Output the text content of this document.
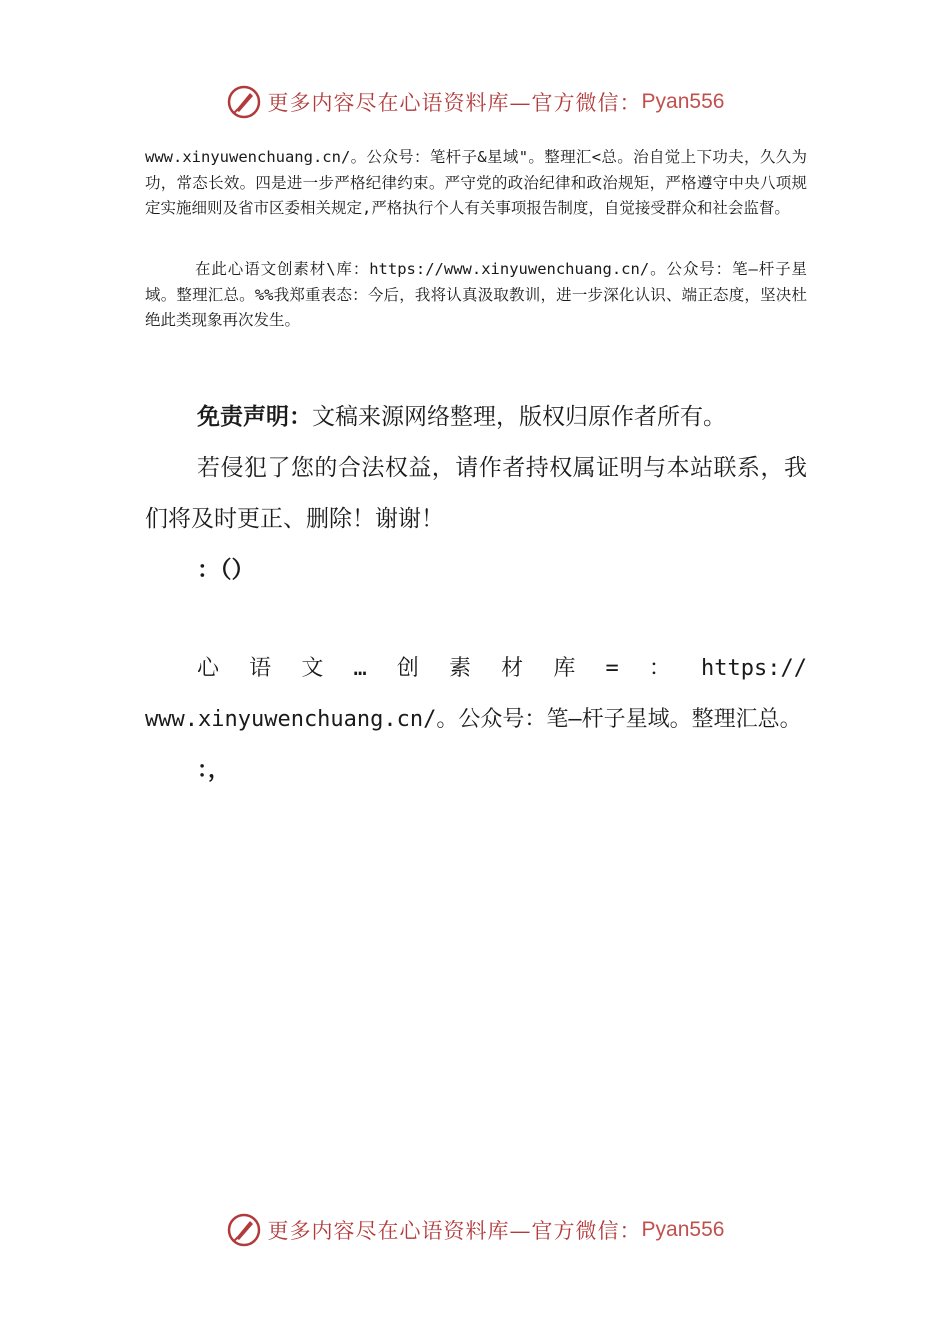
更多内容尽在心语资料库—官方微信： Pyan556

www.xinyuwenchuang.cn/。公众号：笔杆子&星域"。整理汇<总。治自觉上下功夫，久久为功，常态长效。四是进一步严格纪律约束。严守党的政治纪律和政治规矩，严格遵守中央八项规定实施细则及省市区委相关规定,严格执行个人有关事项报告制度，自觉接受群众和社会监督。

在此心语文创素材\库：https://www.xinyuwenchuang.cn/。公众号：笔—杆子星域。整理汇总。%%我郑重表态：今后，我将认真汲取教训，进一步深化认识、端正态度，坚决杜绝此类现象再次发生。

免责声明：文稿来源网络整理，版权归原作者所有。

若侵犯了您的合法权益，请作者持权属证明与本站联系，我们将及时更正、删除！谢谢！

：（）

心 语 文 … 创 素 材 库 = ： https://

www.xinyuwenchuang.cn/。公众号：笔—杆子星域。整理汇总。

：，

更多内容尽在心语资料库—官方微信： Pyan556
